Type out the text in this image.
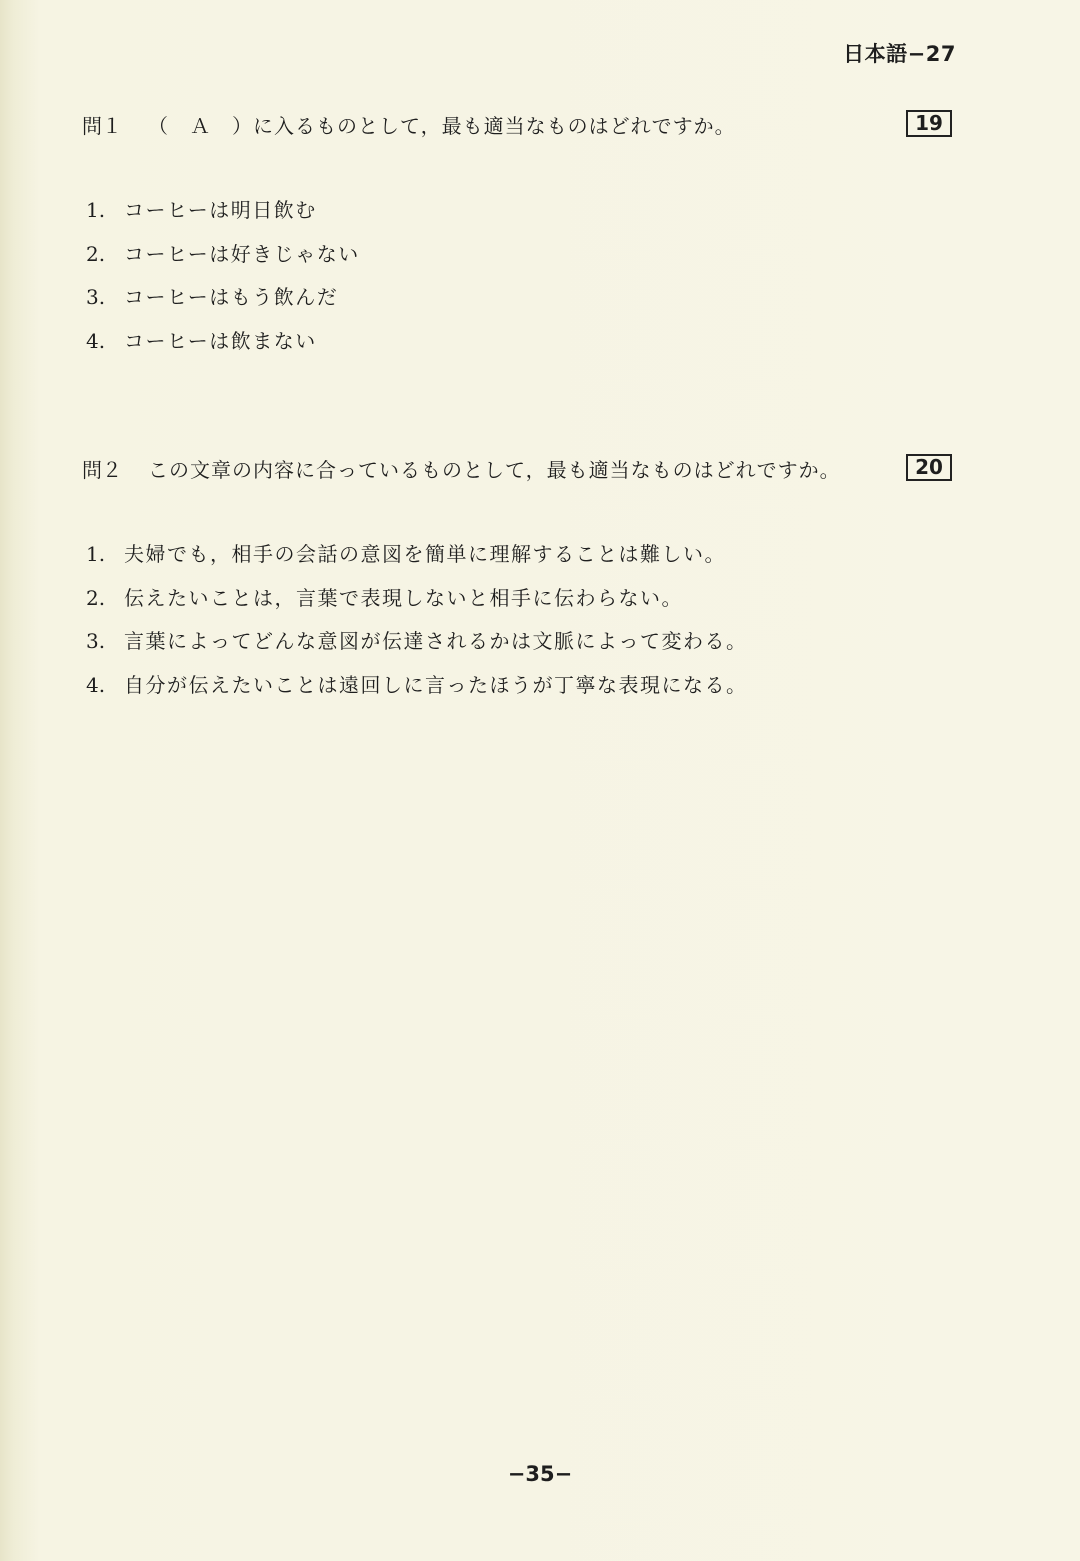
日本語−27
問１ （　Ａ　）に入るものとして，最も適当なものはどれですか。	19
1. コーヒーは明日飲む
2. コーヒーは好きじゃない
3. コーヒーはもう飲んだ
4. コーヒーは飲まない
問２ この文章の内容に合っているものとして，最も適当なものはどれですか。	20
1. 夫婦でも，相手の会話の意図を簡単に理解することは難しい。
2. 伝えたいことは，言葉で表現しないと相手に伝わらない。
3. 言葉によってどんな意図が伝達されるかは文脈によって変わる。
4. 自分が伝えたいことは遠回しに言ったほうが丁寧な表現になる。
−35−
